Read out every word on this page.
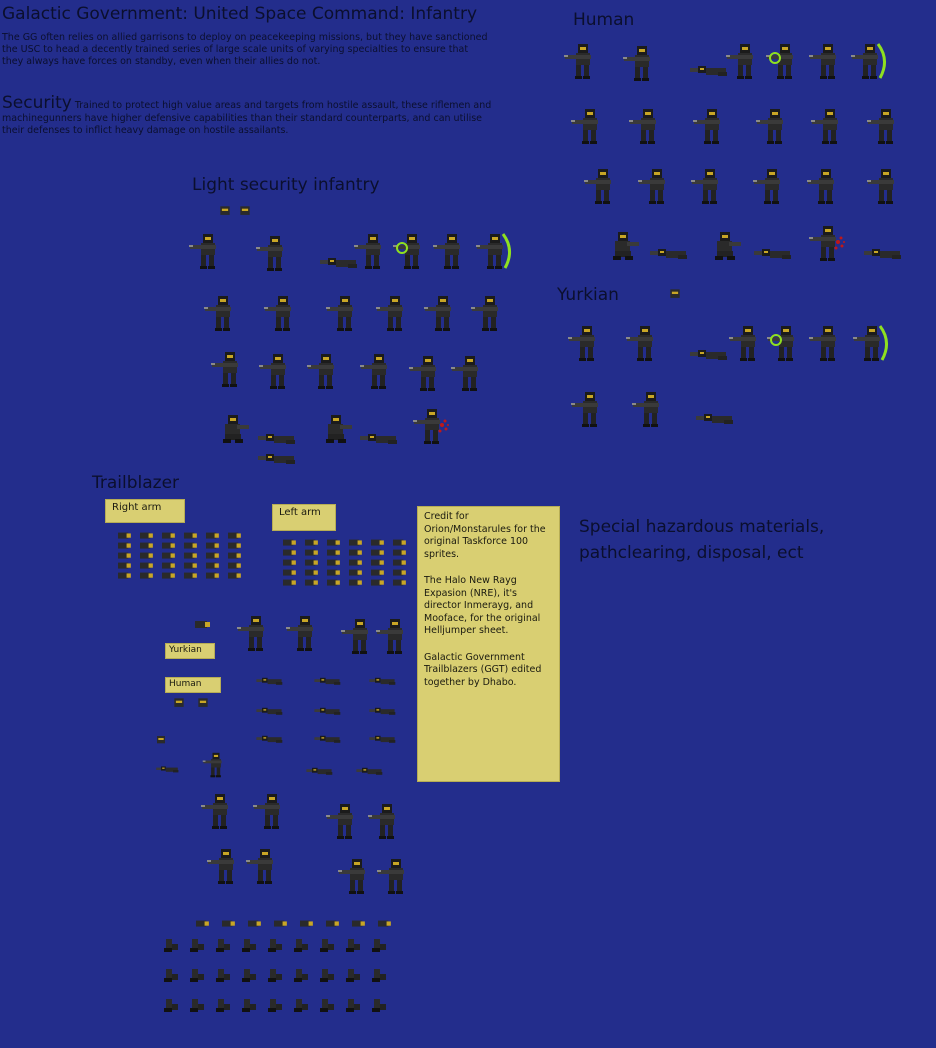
Galactic Government: United Space Command: Infantry
The GG often relies on allied garrisons to deploy on peacekeeping missions, but they have sanctioned the USC to head a decently trained series of large scale units of varying specialties to ensure that they always have forces on standby, even when their allies do not.
Security Trained to protect high value areas and targets from hostile assault, these riflemen and machinegunners have higher defensive capabilities than their standard counterparts, and can utilise their defenses to inflict heavy damage on hostile assailants.
Human
Light security infantry
Yurkian
Trailblazer
Right arm	Left arm
Yurkian
Human

Credit for Orion/Monstarules for the original Taskforce 100 sprites.

The Halo New Rayg Expasion (NRE), it's director Inmerayg, and Mooface, for the original Helljumper sheet.

Galactic Government Trailblazers (GGT) edited together by Dhabo.

Special hazardous materials, pathclearing, disposal, ect
